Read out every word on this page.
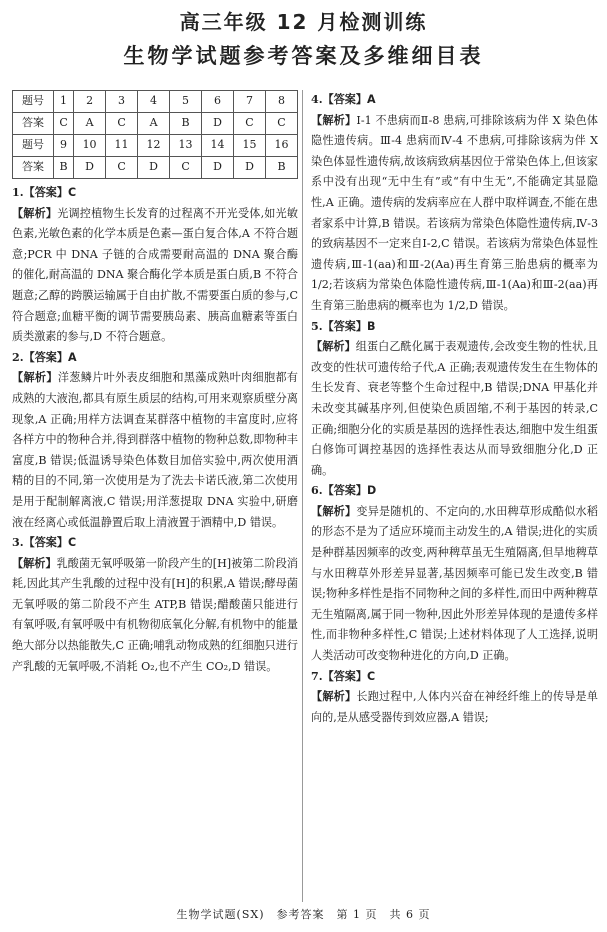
高三年级 12 月检测训练
生物学试题参考答案及多维细目表
题号	1	2	3	4	5	6	7	8
答案	C	A	C	A	B	D	C	C
题号	9	10	11	12	13	14	15	16
答案	B	D	C	D	C	D	D	B
1.【答案】C
【解析】光调控植物生长发育的过程离不开光受体,如光敏色素,光敏色素的化学本质是色素—蛋白复合体,A 不符合题意;PCR 中 DNA 子链的合成需要耐高温的 DNA 聚合酶的催化,耐高温的 DNA 聚合酶化学本质是蛋白质,B 不符合题意;乙醇的跨膜运输属于自由扩散,不需要蛋白质的参与,C 符合题意;血糖平衡的调节需要胰岛素、胰高血糖素等蛋白质类激素的参与,D 不符合题意。
2.【答案】A
【解析】洋葱鳞片叶外表皮细胞和黑藻成熟叶肉细胞都有成熟的大液泡,都具有原生质层的结构,可用来观察质壁分离现象,A 正确;用样方法调查某群落中植物的丰富度时,应将各样方中的物种合并,得到群落中植物的物种总数,即物种丰富度,B 错误;低温诱导染色体数目加倍实验中,两次使用酒精的目的不同,第一次使用是为了洗去卡诺氏液,第二次使用是用于配制解离液,C 错误;用洋葱提取 DNA 实验中,研磨液在经离心或低温静置后取上清液置于酒精中,D 错误。
3.【答案】C
【解析】乳酸菌无氧呼吸第一阶段产生的[H]被第二阶段消耗,因此其产生乳酸的过程中没有[H]的积累,A 错误;酵母菌无氧呼吸的第二阶段不产生 ATP,B 错误;醋酸菌只能进行有氧呼吸,有氧呼吸中有机物彻底氧化分解,有机物中的能量绝大部分以热能散失,C 正确;哺乳动物成熟的红细胞只进行产乳酸的无氧呼吸,不消耗 O₂,也不产生 CO₂,D 错误。
4.【答案】A
【解析】Ⅰ-1 不患病而Ⅱ-8 患病,可排除该病为伴 X 染色体隐性遗传病。Ⅲ-4 患病而Ⅳ-4 不患病,可排除该病为伴 X 染色体显性遗传病,故该病致病基因位于常染色体上,但该家系中没有出现“无中生有”或“有中生无”,不能确定其显隐性,A 正确。遗传病的发病率应在人群中取样调查,不能在患者家系中计算,B 错误。若该病为常染色体隐性遗传病,Ⅳ-3 的致病基因不一定来自Ⅰ-2,C 错误。若该病为常染色体显性遗传病,Ⅲ-1(aa)和Ⅲ-2(Aa)再生育第三胎患病的概率为 1/2;若该病为常染色体隐性遗传病,Ⅲ-1(Aa)和Ⅲ-2(aa)再生育第三胎患病的概率也为 1/2,D 错误。
5.【答案】B
【解析】组蛋白乙酰化属于表观遗传,会改变生物的性状,且改变的性状可遗传给子代,A 正确;表观遗传发生在生物体的生长发育、衰老等整个生命过程中,B 错误;DNA 甲基化并未改变其碱基序列,但使染色质固缩,不利于基因的转录,C 正确;细胞分化的实质是基因的选择性表达,细胞中发生组蛋白修饰可调控基因的选择性表达从而导致细胞分化,D 正确。
6.【答案】D
【解析】变异是随机的、不定向的,水田稗草形成酷似水稻的形态不是为了适应环境而主动发生的,A 错误;进化的实质是种群基因频率的改变,两种稗草虽无生殖隔离,但旱地稗草与水田稗草外形差异显著,基因频率可能已发生改变,B 错误;物种多样性是指不同物种之间的多样性,而田中两种稗草无生殖隔离,属于同一物种,因此外形差异体现的是遗传多样性,而非物种多样性,C 错误;上述材料体现了人工选择,说明人类活动可改变物种进化的方向,D 正确。
7.【答案】C
【解析】长跑过程中,人体内兴奋在神经纤维上的传导是单向的,是从感受器传到效应器,A 错误;
生物学试题(SX)　参考答案　第 1 页　共 6 页
